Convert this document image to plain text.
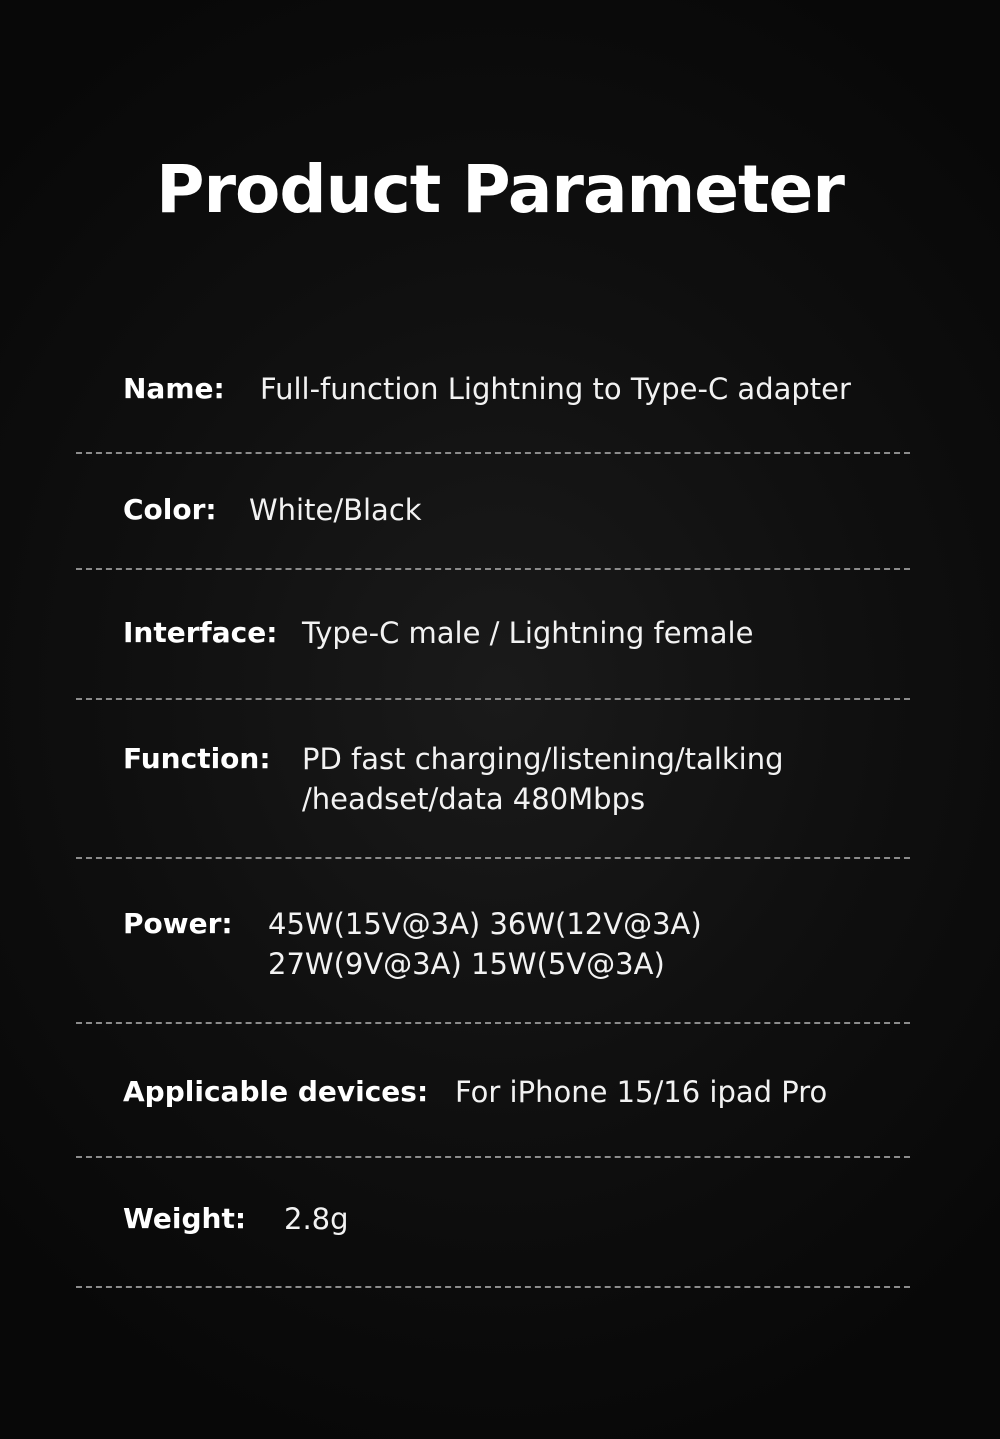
Product Parameter
Name: Full-function Lightning to Type-C adapter
Color: White/Black
Interface: Type-C male / Lightning female
Function: PD fast charging/listening/talking
/headset/data 480Mbps
Power: 45W(15V@3A) 36W(12V@3A)
27W(9V@3A) 15W(5V@3A)
Applicable devices: For iPhone 15/16 ipad Pro
Weight: 2.8g
